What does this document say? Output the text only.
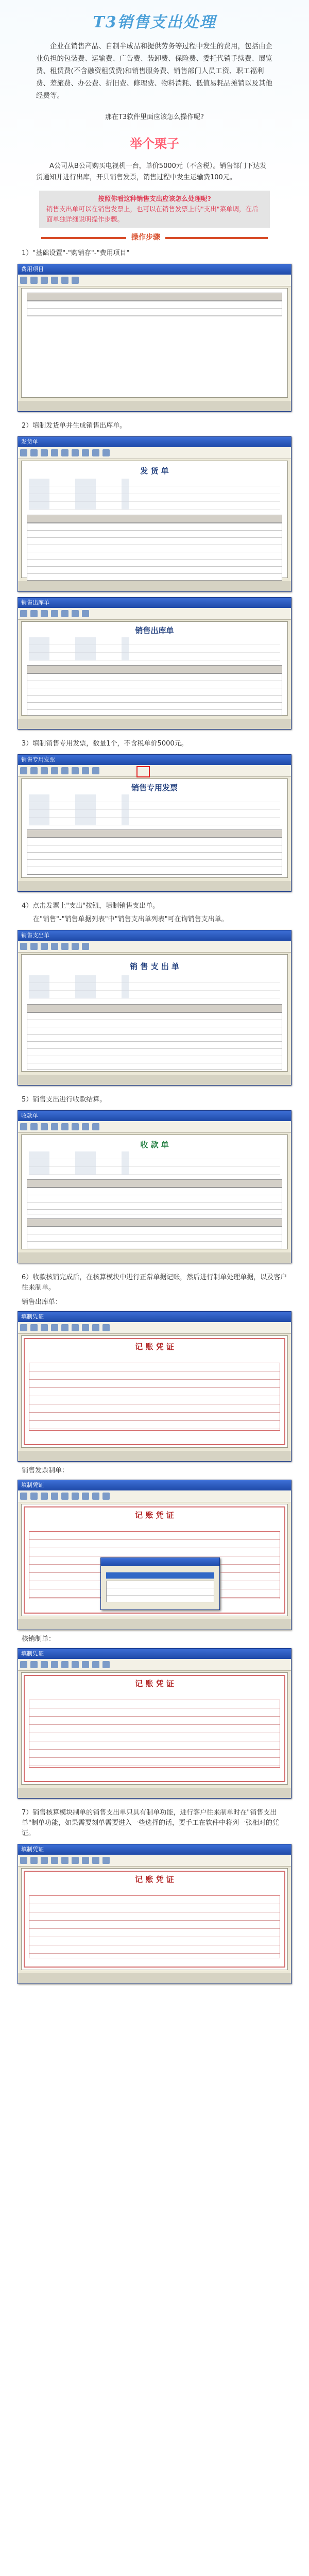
T3销售支出处理
企业在销售产品、自制半成品和提供劳务等过程中发生的费用，包括由企业负担的包装费、运输费、广告费、装卸费、保险费、委托代销手续费、展览费、租赁费(不含融资租赁费)和销售服务费、销售部门人员工资、职工福利费、差旅费、办公费、折旧费、修理费、物料消耗、低值易耗品摊销以及其他经费等。
那在T3软件里面应该怎么操作呢?
举个栗子
A公司从B公司购买电视机一台，单价5000元（不含税）。销售部门下达发货通知并进行出库，开具销售发票，销售过程中发生运输费100元。
按照你看这种销售支出应该怎么处理呢?
销售支出单可以在销售发票上，也可以在销售发票上的"支出"菜单调，在后面单独详细说明操作步骤。
操作步骤
1）"基础设置"-"购销存"-"费用项目"
费用项目
2）填制发货单并生成销售出库单。
发货单
发 货 单
销售出库单
销售出库单
3）填制销售专用发票，数量1个，不含税单价5000元。
销售专用发票
销售专用发票
4）点击发票上"支出"按钮，填制销售支出单。
在"销售"-"销售单据列表"中"销售支出单列表"可在询销售支出单。
销售支出单
销 售 支 出 单
5）销售支出进行收款结算。
收款单
收 款 单
6）收款核销完成后，在核算模块中进行正常单据记账，然后进行制单处理单据，以及客户往来制单。
销售出库单：
填制凭证
记 账 凭 证
销售发票制单：
填制凭证
记 账 凭 证
核销制单：
填制凭证
记 账 凭 证
7）销售核算模块制单的销售支出单只具有制单功能，进行客户往来制单时在"销售支出单"制单功能，如果需要刻单需要进入一些选择的话，要手工在软件中将列一张相对的凭证。
填制凭证
记 账 凭 证
